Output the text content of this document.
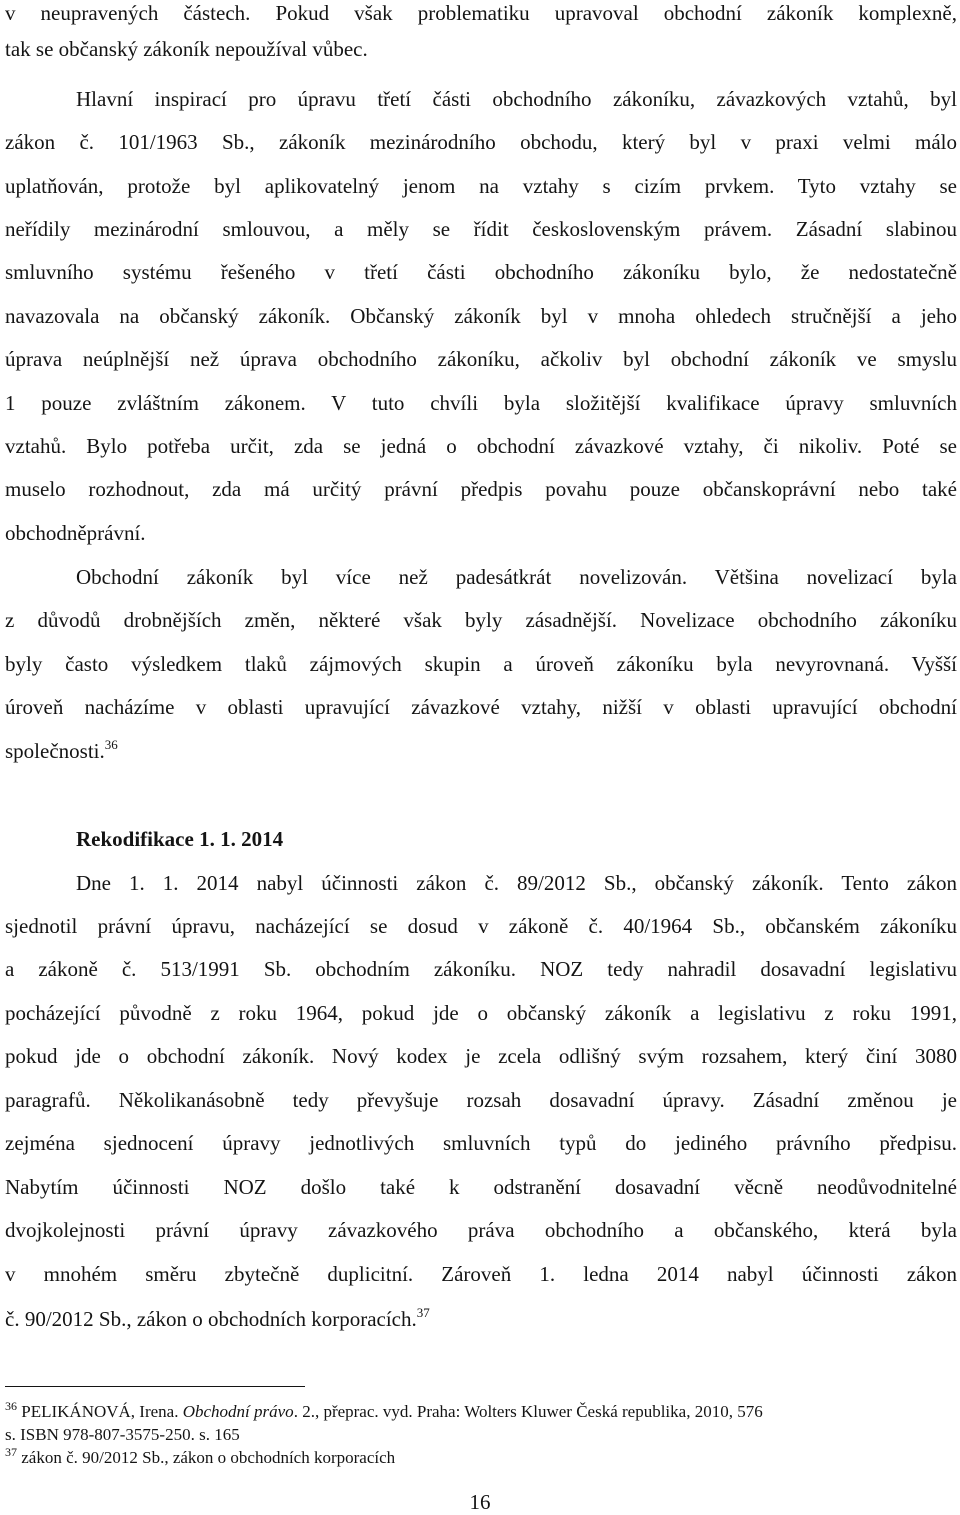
v neupravených částech. Pokud však problematiku upravoval obchodní zákoník komplexně,
tak se občanský zákoník nepoužíval vůbec.
Hlavní inspirací pro úpravu třetí části obchodního zákoníku, závazkových vztahů, byl
zákon č. 101/1963 Sb., zákoník mezinárodního obchodu, který byl v praxi velmi málo
uplatňován, protože byl aplikovatelný jenom na vztahy s cizím prvkem. Tyto vztahy se
neřídily mezinárodní smlouvou, a měly se řídit československým právem. Zásadní slabinou
smluvního systému řešeného v třetí části obchodního zákoníku bylo, že nedostatečně
navazovala na občanský zákoník. Občanský zákoník byl v mnoha ohledech stručnější a jeho
úprava neúplnější než úprava obchodního zákoníku, ačkoliv byl obchodní zákoník ve smyslu
1 pouze zvláštním zákonem. V tuto chvíli byla složitější kvalifikace úpravy smluvních
vztahů. Bylo potřeba určit, zda se jedná o obchodní závazkové vztahy, či nikoliv. Poté se
muselo rozhodnout, zda má určitý právní předpis povahu pouze občanskoprávní nebo také
obchodněprávní.
Obchodní zákoník byl více než padesátkrát novelizován. Většina novelizací byla
z důvodů drobnějších změn, některé však byly zásadnější. Novelizace obchodního zákoníku
byly často výsledkem tlaků zájmových skupin a úroveň zákoníku byla nevyrovnaná. Vyšší
úroveň nacházíme v oblasti upravující závazkové vztahy, nižší v oblasti upravující obchodní
společnosti.$^{36}$
Rekodifikace 1. 1. 2014
Dne 1. 1. 2014 nabyl účinnosti zákon č. 89/2012 Sb., občanský zákoník. Tento zákon
sjednotil právní úpravu, nacházející se dosud v zákoně č. 40/1964 Sb., občanském zákoníku
a zákoně č. 513/1991 Sb. obchodním zákoníku. NOZ tedy nahradil dosavadní legislativu
pocházející původně z roku 1964, pokud jde o občanský zákoník a legislativu z roku 1991,
pokud jde o obchodní zákoník. Nový kodex je zcela odlišný svým rozsahem, který činí 3080
paragrafů. Několikanásobně tedy převyšuje rozsah dosavadní úpravy. Zásadní změnou je
zejména sjednocení úpravy jednotlivých smluvních typů do jediného právního předpisu.
Nabytím účinnosti NOZ došlo také k odstranění dosavadní věcně neodůvodnitelné
dvojkolejnosti právní úpravy závazkového práva obchodního a občanského, která byla
v mnohém směru zbytečně duplicitní. Zároveň 1. ledna 2014 nabyl účinnosti zákon
č. 90/2012 Sb., zákon o obchodních korporacích.$^{37}$
$^{36}$ PELIKÁNOVÁ, Irena. Obchodní právo. 2., přeprac. vyd. Praha: Wolters Kluwer Česká republika, 2010, 576
s. ISBN 978-807-3575-250. s. 165
$^{37}$ zákon č. 90/2012 Sb., zákon o obchodních korporacích
16
